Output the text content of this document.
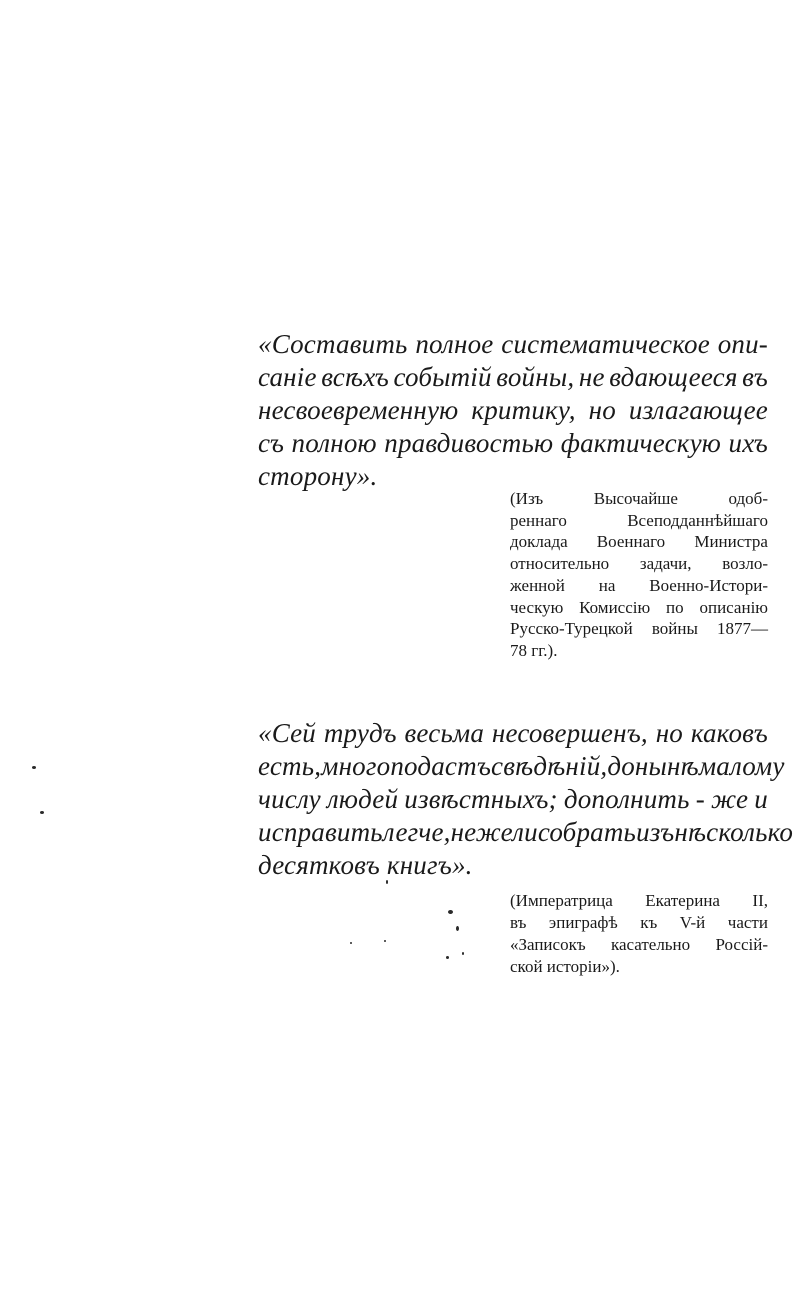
«Составить полное систематическое опи-
санiе всѣхъ событiй войны, не вдающееся въ
несвоевременную критику, но излагающее
съ полною правдивостью фактическую ихъ
сторону».
(Изъ	Высочайше	одоб-
реннаго	Всеподданнѣйшаго
доклада Военнаго Министра
относительно задачи, возло-
женной на Военно-Истори-
ческую Комиссiю по описанiю
Русско-Турецкой войны 1877—
78 гг.).
«Сей трудъ весьма несовершенъ, но каковъ
есть, много подастъ свѣдѣнiй, до нынѣ малому
числу людей извѣстныхъ; дополнить - же и
исправить легче, нежели собрать изъ нѣсколько
десятковъ книгъ».
(Императрица Екатерина II,
въ эпиграфѣ къ V-й части
«Записокъ касательно Россiй-
ской исторiи»).
